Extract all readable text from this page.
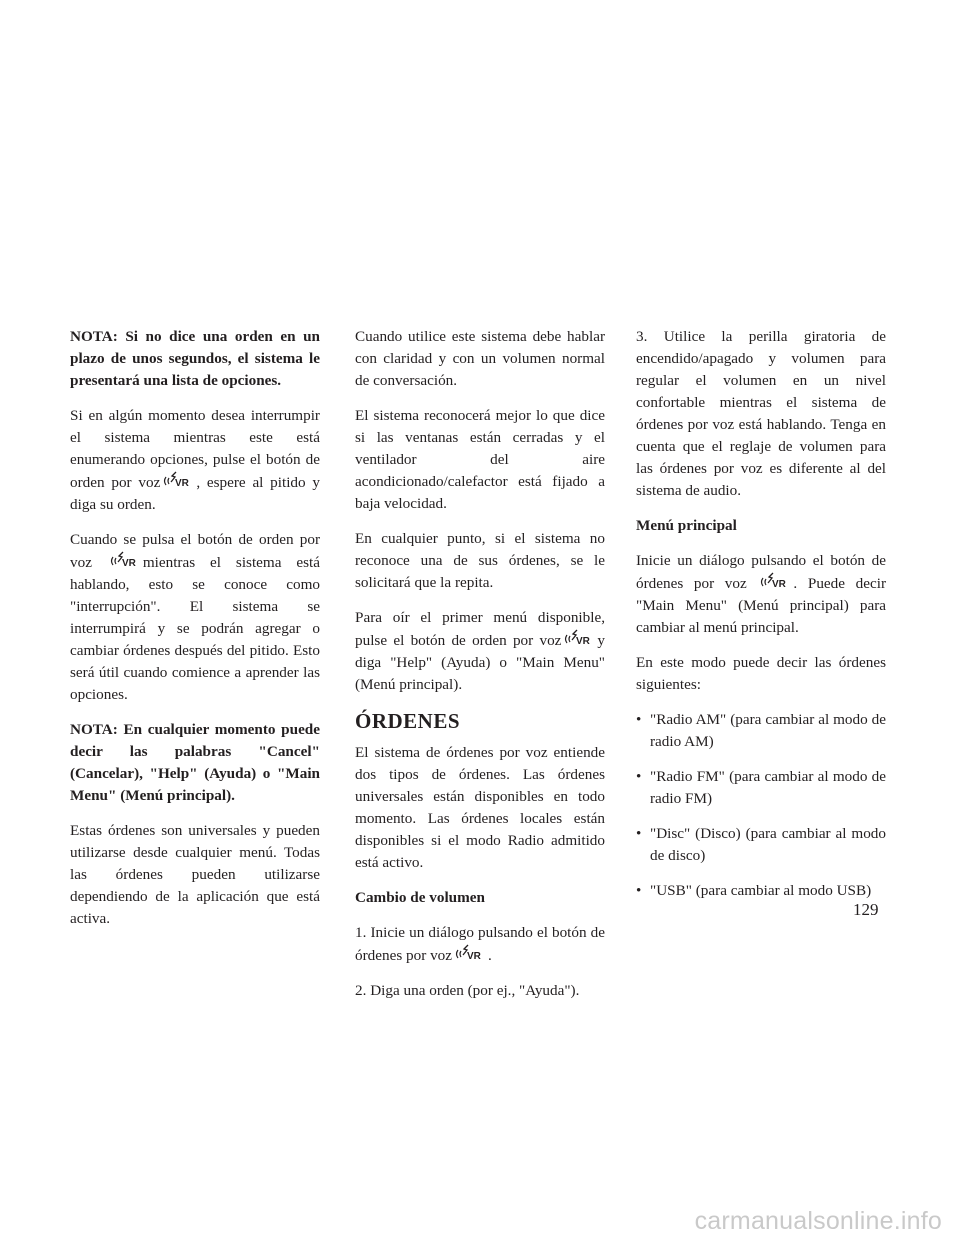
NOTA: Si no dice una orden en un plazo de unos segundos, el sistema le presentará una lista de opciones.

Si en algún momento desea interrumpir el sistema mientras este está enumerando opciones, pulse el botón de orden por voz , espere al pitido y diga su orden.

Cuando se pulsa el botón de orden por voz	mientras el sistema está hablando, esto se conoce como "interrupción". El sistema se interrumpirá y se podrán agregar o cambiar órdenes después del pitido. Esto será útil cuando comience a aprender las opciones.

NOTA: En cualquier momento puede decir las palabras "Cancel" (Cancelar), "Help" (Ayuda) o "Main Menu" (Menú principal).

Estas órdenes son universales y pueden utilizarse desde cualquier menú. Todas las órdenes pueden utilizarse dependiendo de la aplicación que está activa.

Cuando utilice este sistema debe hablar con claridad y con un volumen normal de conversación.

El sistema reconocerá mejor lo que dice si las ventanas están cerradas y el ventilador del aire acondicionado/calefactor está fijado a baja velocidad.

En cualquier punto, si el sistema no reconoce una de sus órdenes, se le solicitará que la repita.

Para oír el primer menú disponible, pulse el botón de orden por voz y diga "Help" (Ayuda) o "Main Menu" (Menú principal).

ÓRDENES

El sistema de órdenes por voz entiende dos tipos de órdenes. Las órdenes universales están disponibles en todo momento. Las órdenes locales están disponibles si el modo Radio admitido está activo.

Cambio de volumen

1. Inicie un diálogo pulsando el botón de órdenes por voz .

2. Diga una orden (por ej., "Ayuda").

3. Utilice la perilla giratoria de encendido/apagado y volumen para regular el volumen en un nivel confortable mientras el sistema de órdenes por voz está hablando. Tenga en cuenta que el reglaje de volumen para las órdenes por voz es diferente al del sistema de audio.

Menú principal

Inicie un diálogo pulsando el botón de órdenes por voz	. Puede decir "Main Menu" (Menú principal) para cambiar al menú principal.

En este modo puede decir las órdenes siguientes:

• "Radio AM" (para cambiar al modo de radio AM)
• "Radio FM" (para cambiar al modo de radio FM)
• "Disc" (Disco) (para cambiar al modo de disco)
• "USB" (para cambiar al modo USB)
129
carmanualsonline.info
